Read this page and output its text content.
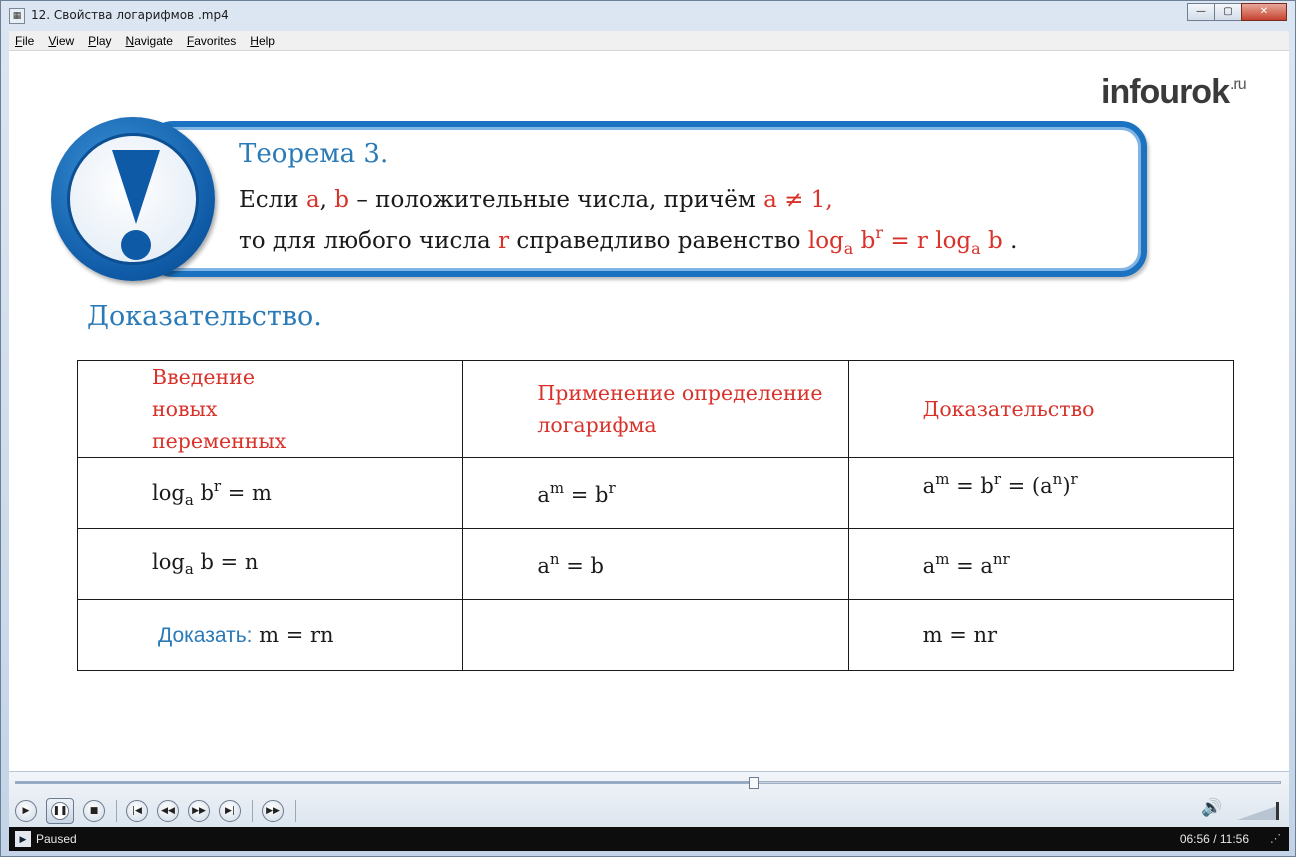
▦ 12. Свойства логарифмов .mp4	—	▢	✕
File View Play Navigate Favorites Help
infourok$^{.ru}$
Теорема 3.
Если a, b – положительные числа, причём a ≠ 1,
то для любого числа r справедливо равенство $\log_a b^r = r$ $\log_a b$ .
Доказательство.
Введение новых переменных	Применение определение логарифма	Доказательство
$\log_a b^r = m$	$a^m = b^r$	$a^m = b^r = (a^n)^r$
$\log_a b = n$	$a^n = b$	$a^m = a^{nr}$
Доказать: m = rn		m = nr
▶	❚❚	■	|◀	◀◀	▶▶	▶|	▶▶	🔊
▶ Paused	06:56 / 11:56 ⋰
